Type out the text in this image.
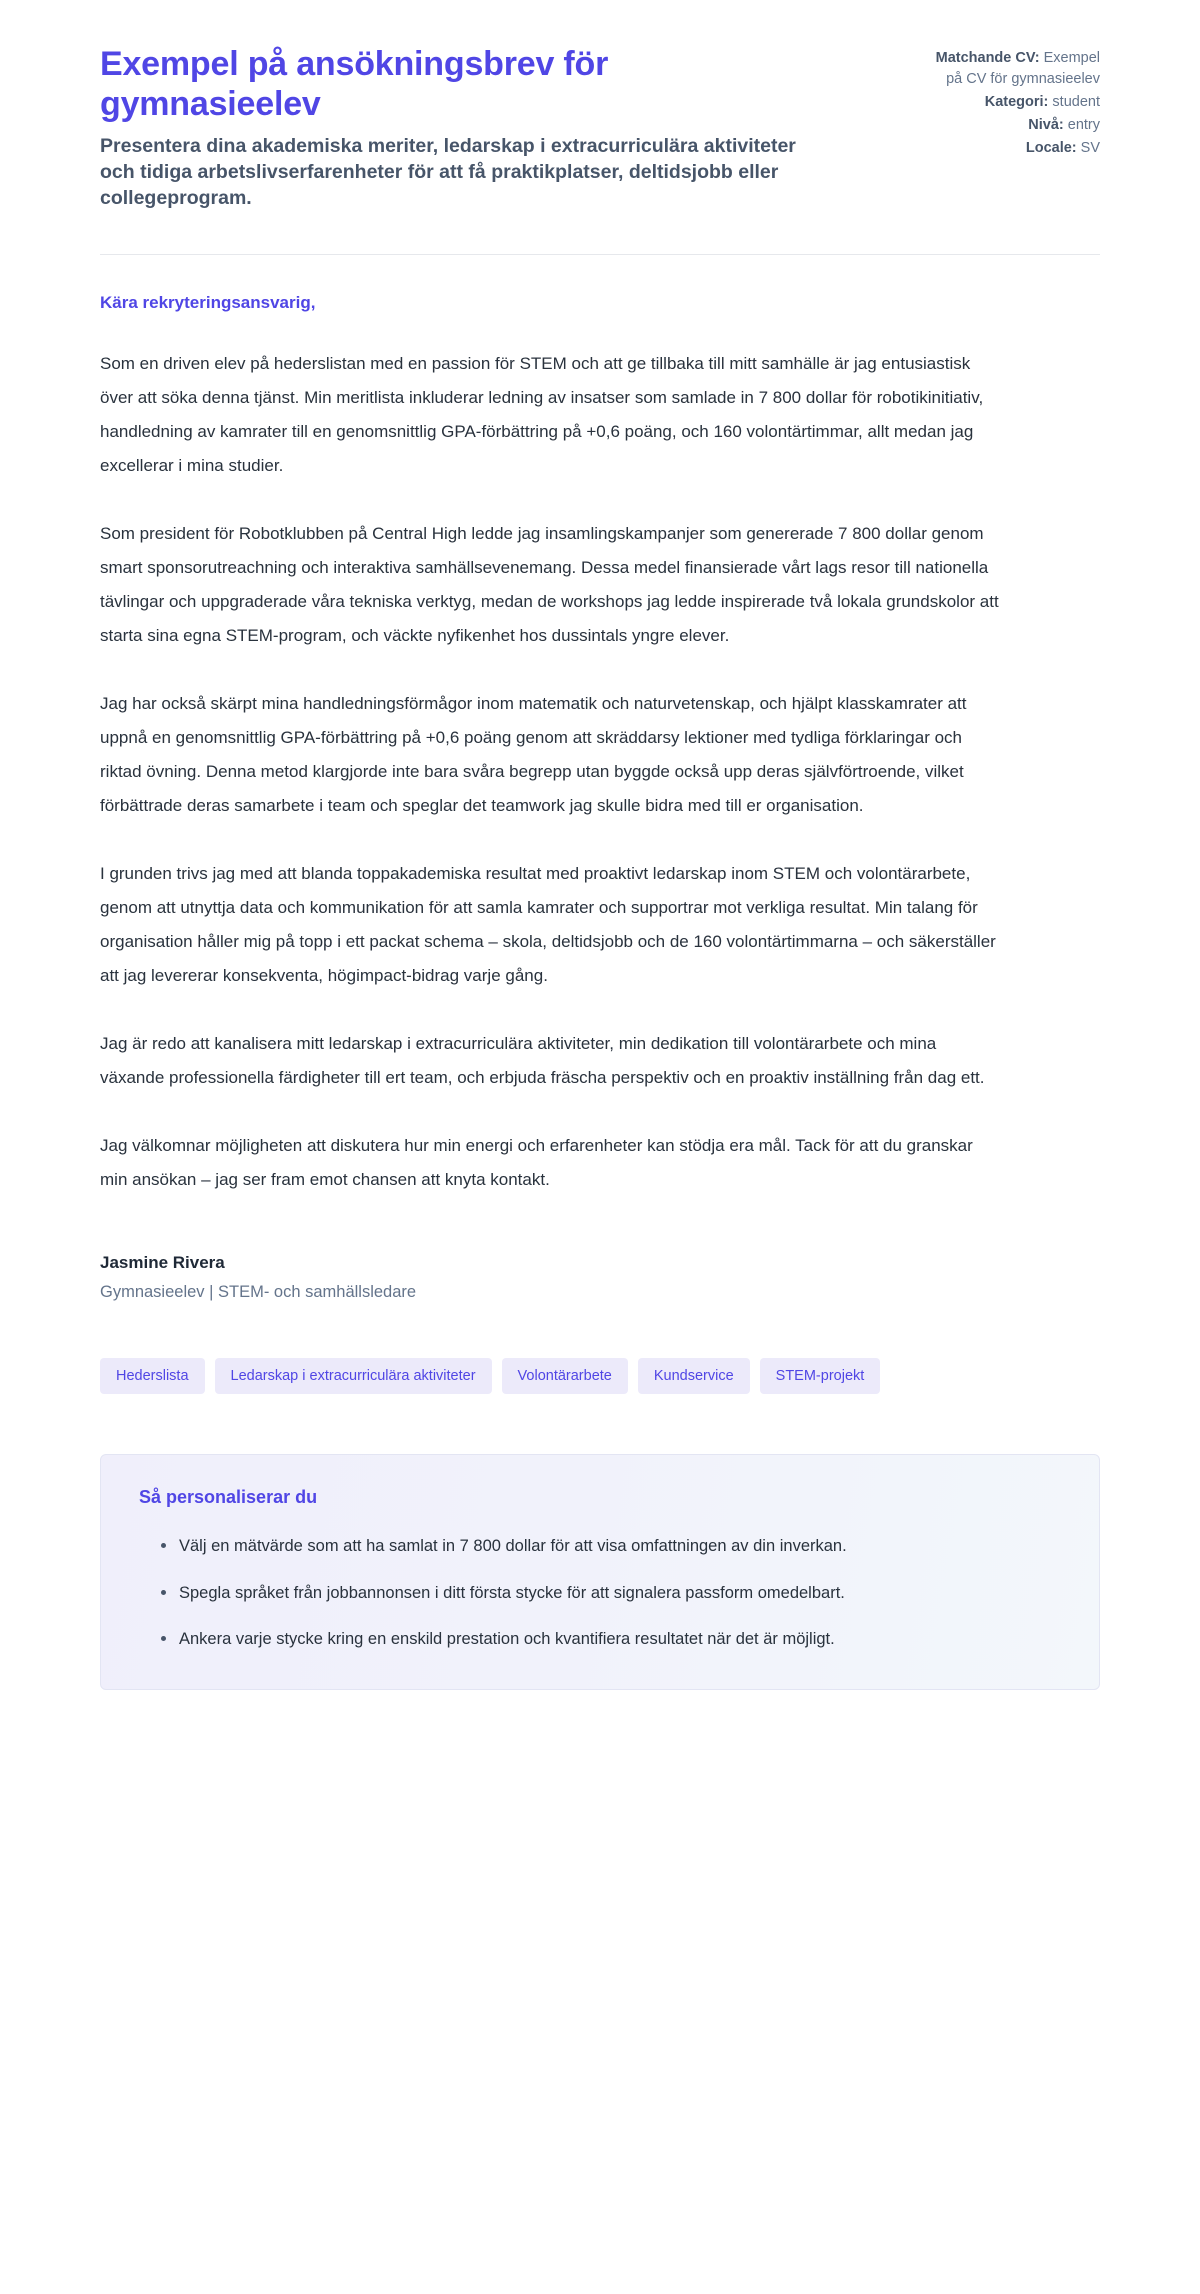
Exempel på ansökningsbrev för gymnasieelev

Presentera dina akademiska meriter, ledarskap i extracurriculära aktiviteter och tidiga arbetslivserfarenheter för att få praktikplatser, deltidsjobb eller collegeprogram.

Matchande CV: Exempel på CV för gymnasieelev
Kategori: student
Nivå: entry
Locale: SV

Kära rekryteringsansvarig,

Som en driven elev på hederslistan med en passion för STEM och att ge tillbaka till mitt samhälle är jag entusiastisk över att söka denna tjänst. Min meritlista inkluderar ledning av insatser som samlade in 7 800 dollar för robotikinitiativ, handledning av kamrater till en genomsnittlig GPA-förbättring på +0,6 poäng, och 160 volontärtimmar, allt medan jag excellerar i mina studier.

Som president för Robotklubben på Central High ledde jag insamlingskampanjer som genererade 7 800 dollar genom smart sponsorutreachning och interaktiva samhällsevenemang. Dessa medel finansierade vårt lags resor till nationella tävlingar och uppgraderade våra tekniska verktyg, medan de workshops jag ledde inspirerade två lokala grundskolor att starta sina egna STEM-program, och väckte nyfikenhet hos dussintals yngre elever.

Jag har också skärpt mina handledningsförmågor inom matematik och naturvetenskap, och hjälpt klasskamrater att uppnå en genomsnittlig GPA-förbättring på +0,6 poäng genom att skräddarsy lektioner med tydliga förklaringar och riktad övning. Denna metod klargjorde inte bara svåra begrepp utan byggde också upp deras självförtroende, vilket förbättrade deras samarbete i team och speglar det teamwork jag skulle bidra med till er organisation.

I grunden trivs jag med att blanda toppakademiska resultat med proaktivt ledarskap inom STEM och volontärarbete, genom att utnyttja data och kommunikation för att samla kamrater och supportrar mot verkliga resultat. Min talang för organisation håller mig på topp i ett packat schema – skola, deltidsjobb och de 160 volontärtimmarna – och säkerställer att jag levererar konsekventa, högimpact-bidrag varje gång.

Jag är redo att kanalisera mitt ledarskap i extracurriculära aktiviteter, min dedikation till volontärarbete och mina växande professionella färdigheter till ert team, och erbjuda fräscha perspektiv och en proaktiv inställning från dag ett.

Jag välkomnar möjligheten att diskutera hur min energi och erfarenheter kan stödja era mål. Tack för att du granskar min ansökan – jag ser fram emot chansen att knyta kontakt.

Jasmine Rivera

Gymnasieelev | STEM- och samhällsledare

Hederslista	Ledarskap i extracurriculära aktiviteter	Volontärarbete	Kundservice	STEM-projekt

Så personaliserar du

Välj en mätvärde som att ha samlat in 7 800 dollar för att visa omfattningen av din inverkan.
Spegla språket från jobbannonsen i ditt första stycke för att signalera passform omedelbart.
Ankera varje stycke kring en enskild prestation och kvantifiera resultatet när det är möjligt.
